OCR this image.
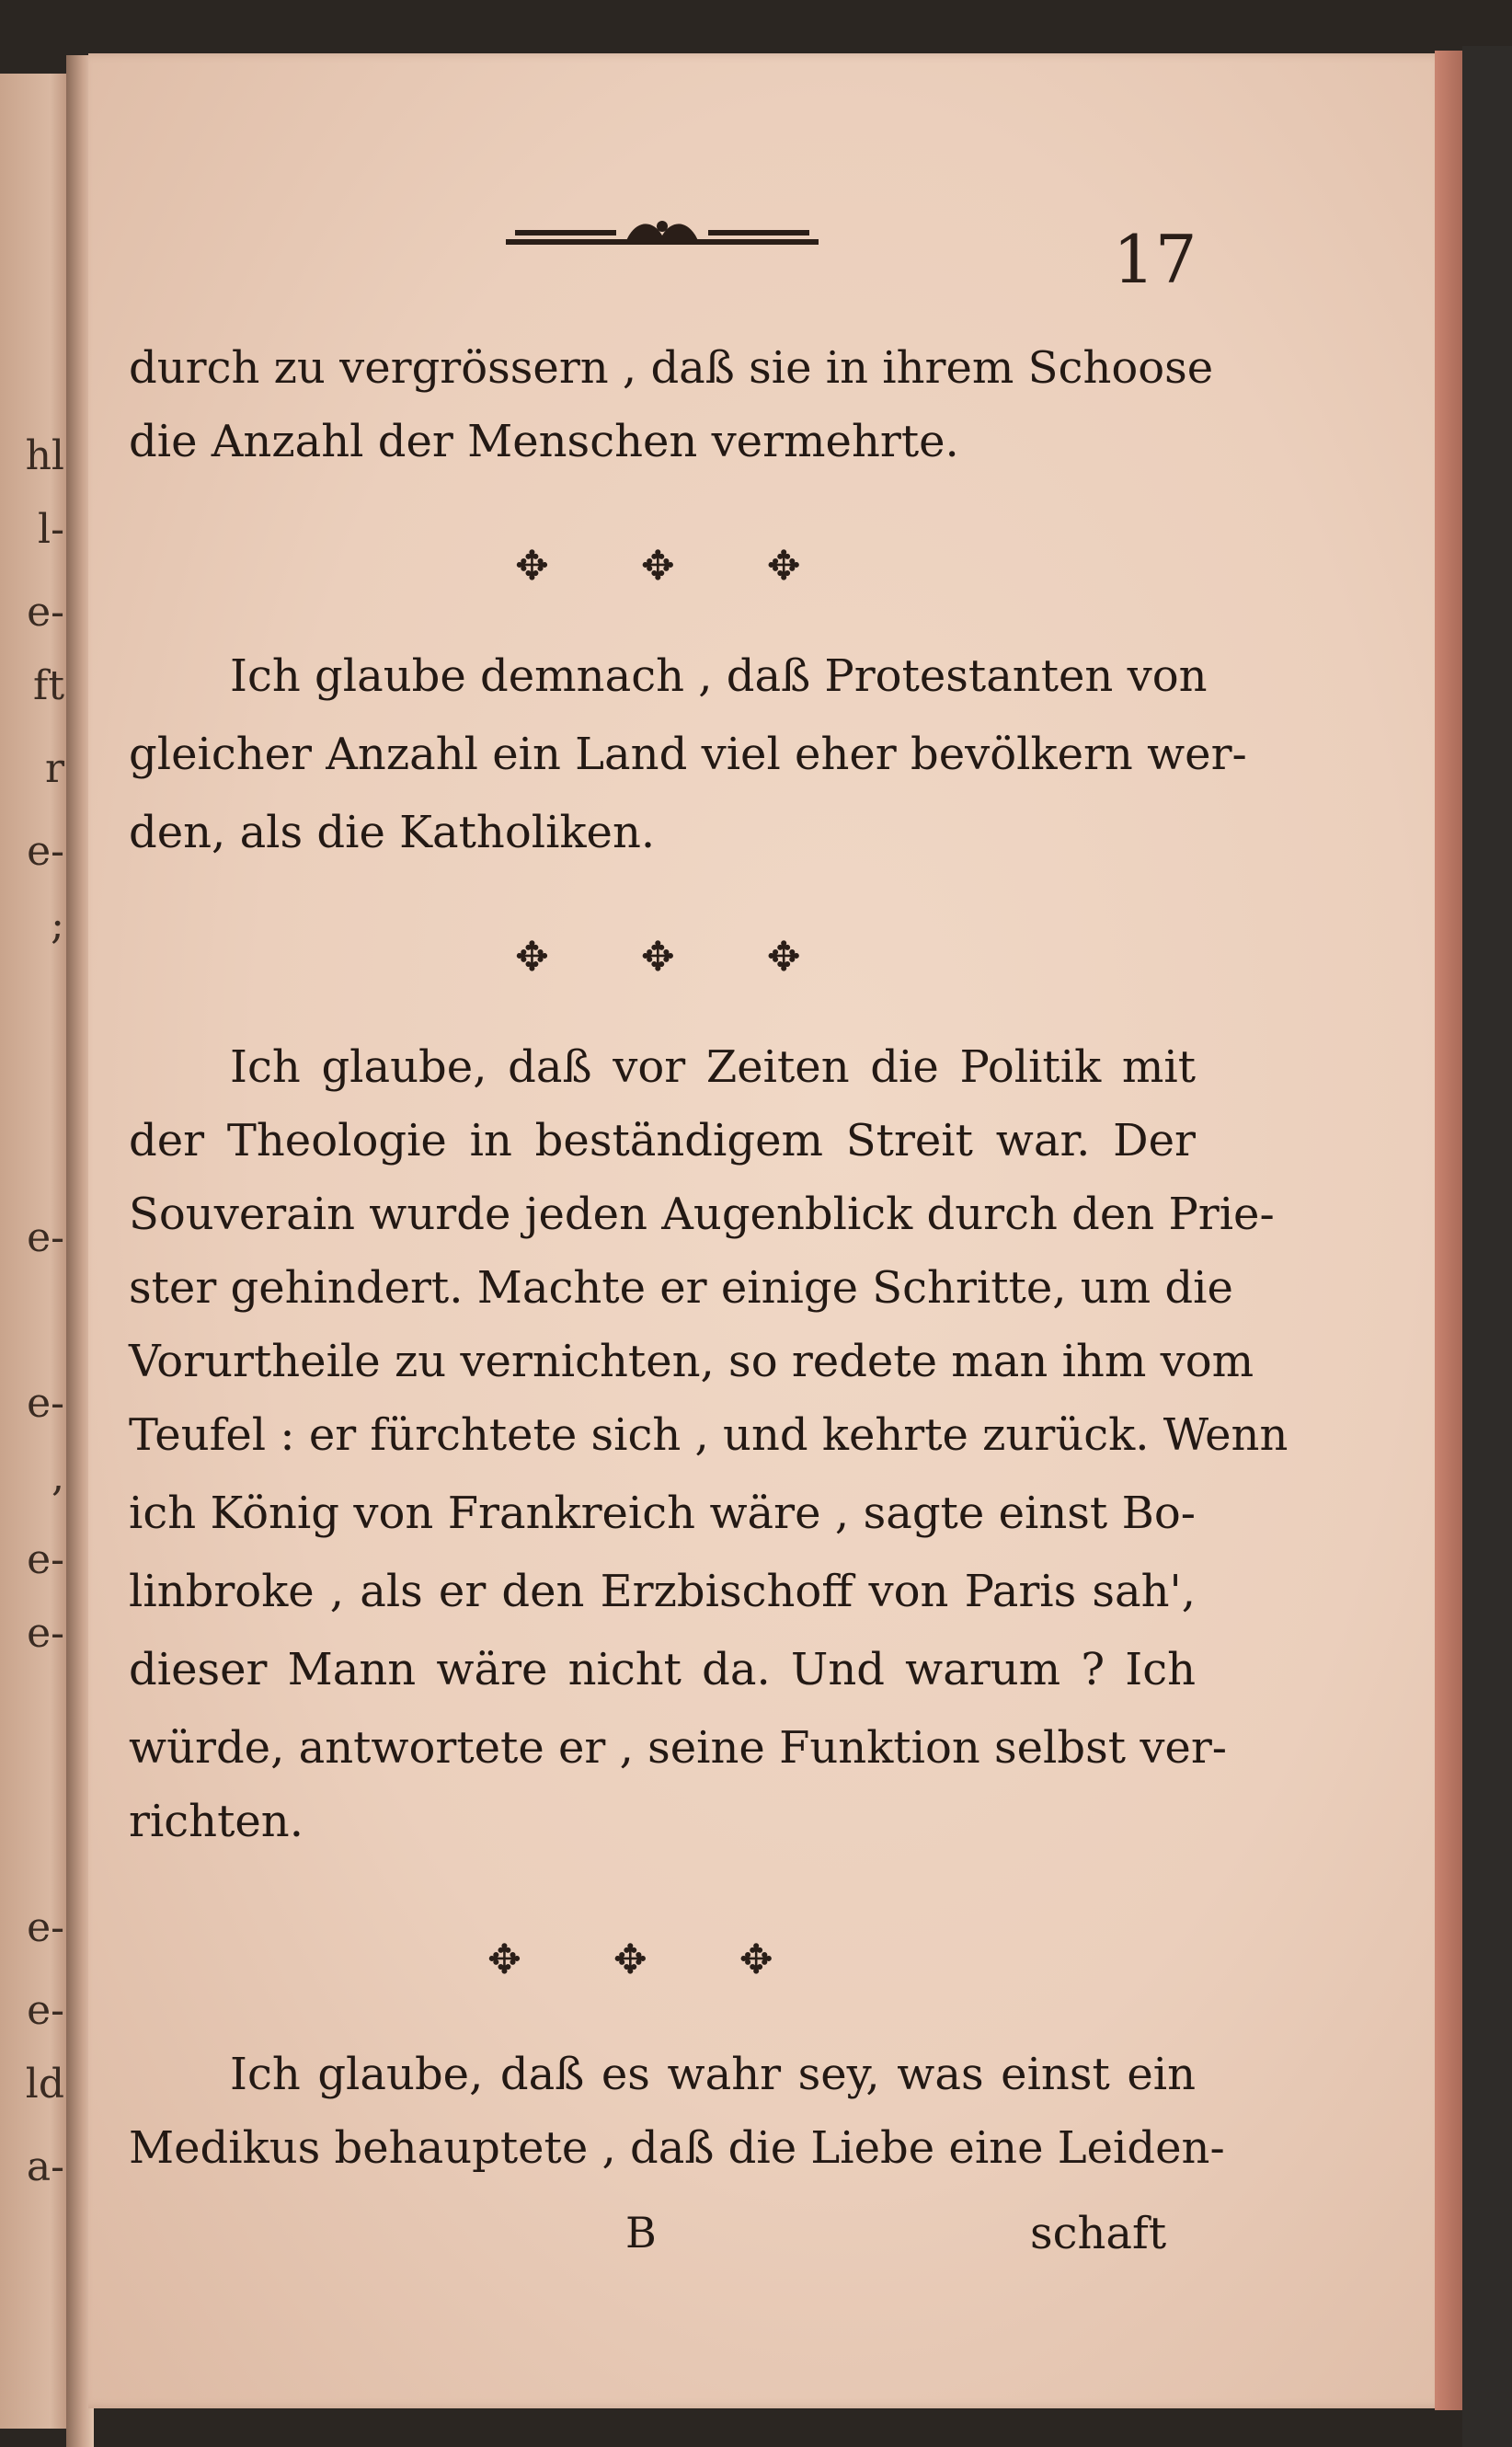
hl
l-
e-
ft
r
e-
;
e-
e-
,
e-
e-
e-
e-
ld
a-
17
durch zu vergrössern , daß sie in ihrem Schoose
die Anzahl der Menschen vermehrte.
✥ ✥ ✥
Ich glaube demnach , daß Protestanten von
gleicher Anzahl ein Land viel eher bevölkern wer-
den, als die Katholiken.
✥ ✥ ✥
Ich glaube, daß vor Zeiten die Politik mit
der Theologie in beständigem Streit war. Der
Souverain wurde jeden Augenblick durch den Prie-
ster gehindert. Machte er einige Schritte, um die
Vorurtheile zu vernichten, so redete man ihm vom
Teufel : er fürchtete sich , und kehrte zurück. Wenn
ich König von Frankreich wäre , sagte einst Bo-
linbroke , als er den Erzbischoff von Paris sah',
dieser Mann wäre nicht da. Und warum ? Ich
würde, antwortete er , seine Funktion selbst ver-
richten.
✥ ✥ ✥
Ich glaube, daß es wahr sey, was einst ein
Medikus behauptete , daß die Liebe eine Leiden-
B	schaft
